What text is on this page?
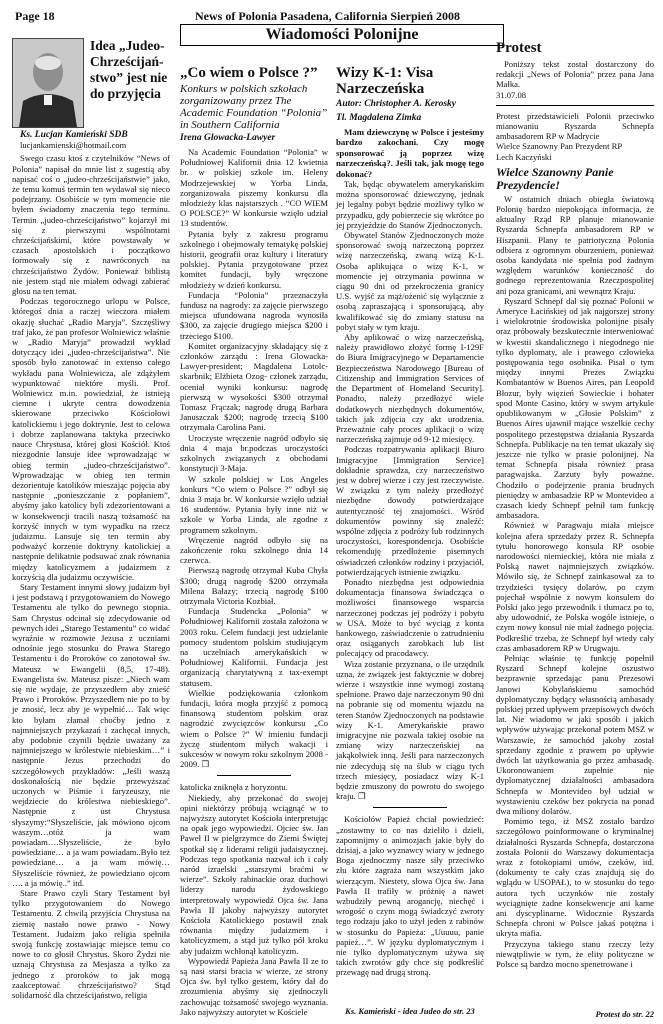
Page 18	News of Polonia Pasadena, California Sierpień 2008
Wiadomości Polonijne
Idea „Judeo-Chrześcijaństwo” jest nie do przyjęcia

Ks. Lucjan Kamieński SDB

lucjankamienski@hotmail.com

Swego czasu ktoś z czytelników “News of Polonia” napisał do mnie list z sugestią aby napisać coś o „judeo-chrześcijaństwie” jako, że temu komuś termin ten wydawał się nieco podejrzany. Osobiście w tym momencie nie byłem świadomy znaczenia tego terminu. Termin „judeo-chrześcijaństwo” kojarzył mi się z pierwszymi wspólnotami chrześcijańskimi, które powstawały w czasach apostolskich i początkowo formowały się z nawróconych na chrześcijaństwo Żydów. Ponieważ biblistą nie jestem stąd nie miałem odwagi zabierać głosu na ten temat.

Podczas tegorocznego urlopu w Polsce, któregoś dnia a raczej wieczora miałem okazję słuchać „Radio Maryja”. Szczęśliwy traf jako, że pan profesor Wolniewicz właśnie w „Radio Maryja” prowadził wykład dotyczący idei „judeo-chrześcijaństwa”. Nie sposób było zanotować in extenso całego wykładu pana Wolniewicza, ale zdążyłem wypunktować niektóre myśli. Prof. Wolniewicz m.in. powiedział, że istnieją ciemne i ukryte centra dowodzenia skierowane przeciwko Kościołowi katolickiemu i jego doktrynie. Jest to celowa i dobrze zaplanowana taktyka przeciwko nauce Chrystusa, której głosi Kościół. Ktoś niezgodnie lansuje idee wprowadzając w obieg termin „judeo-chrześcijaństwo”. Wprowadzając w obieg ten termin dezorientuje katolików mieszając pojęcia aby następnie „ponieszczanie z popłaniem”, abyśmy jako katolicy byli zdezorientowani a w konsekwencji tracili naszą tożsamość na korzyść innych w tym wypadku na rzecz judaizmu. Lansuje się ten termin aby podważyć korzenie doktryny katolickiej a następnie delikatnie podsuwać znak równania między katolicyzmem a judaizmem z korzyścią dla judaizmu oczywiście.

Stary Testament innymi słowy judaizm był i jest podstawą i przygotowaniem do Nowego Testamentu ale tylko do pewnego stopnia. Sam Chrystus odcinał się zdecydowanie od pewnych idei „Starego Testamentu” co widać wyraźnie w rozmowie Jezusa z uczniami odnośnie jego stosunku do Prawa Starego Testamentu i do Proroków co zanotował św. Mateusz w Ewangelii (8,5, 17-48). Ewangelista św. Mateusz pisze: „Niech wam się nie wydaje, że przyszedłem aby znieść Prawo i Proroków. Przyszedłem nie po to by je znosić, lecz aby je wypełnić… Tak więc kto byłam złamał choćby jedno z najmniejszych przykazań i zachęcał innych, aby podobnie czynili będzie uważany za najmniejszego w królestwie niebieskim…” i następnie Jezus przechodzi do szczegółowych przykładów: „Jeśli waszą doskonałością nie będzie przewyższać uczonych w Piśmie i faryzeuszy, nie wejdziecie do królestwa niebieskiego”. Następnie z ust Chrystusa słyszymy:“Słyszeliście, jak mówiono ojcom waszym…otóż ja wam powiadam….Słyszeliście, że było powiedziane… a ja wam powiadam..Było też powiedziane… a ja wam mówię… Słyszeliście również, że powiedziano ojcom …. a ja mówię..” itd.

Stare Prawo czyli Stary Testament był tylko przygotowaniem do Nowego Testamentu. Z chwilą przyjścia Chrystusa na ziemię nastało nowe prawo - Nowy Testament. Judaizm jako religia spełniła swoją funkcję zostawiając miejsce temu co nowe to co głosił Chrystus. Skoro Żydzi nie uznają Chrystusa za Mesjasza a tylko za jednego z proroków to jak mogą zaakceptować chrześcijaństwo? Stąd solidarność dla chrześcijaństwo, religia

„Co wiem o Polsce ?”
Konkurs w polskich szkołach zorganizowany przez The Academic Foundation “Polonia” in Southern California
Irena Glowacka-Lawyer

Na Academic Foundation “Polonia” w Południowej Kalifornii dnia 12 kwietnia br. w polskiej szkole im. Heleny Modrzejewskiej w Yorba Linda, zorganizowała piszemy konkursu dla młodzieży klas najstarszych . “CO WIEM O POLSCE?” W konkursie wzięło udział 13 studentów.

Pytania były z zakresu programu szkolnego i obejmowały tematykę polskiej historii, geografii oraz kultury i literatury polskiej. Pytania przygotowane przez komitet fundacji, były wręczone młodzieży w dzień konkursu.

Fundacja “Polonia” przeznaczyła fundusz na nagrody: za zajęcie pierwszego miejsca ufundowana nagroda wynosiła $300, za zajęcie drugiego miejsca $200 i trzeciego $100.

Komitet organizacyjny składający się z członków zarządu : Irena Glowacka-Lawyer-president; Magdalena Lotolc-skarbnik; Elżbieta Ozog- członek zarządu, oceniał wyniki konkursu: nagrodę pierwszą w wysokości $300 otrzymał Tomasz Frączak; nagrodę drugą Barbara Januszczak $200; nagrodę trzecią $100 otrzymała Carolina Pani.

Uroczyste wręczenie nagród odbyło się dnia 4 maja br.podczas uroczystości szkolnych związanych z obchodami konstytucji 3-Maja.

W szkole polskiej w Los Angeles konkurs “Co wiem o Polsce ?” odbył się dnia 3 maja br. W konkursie wzięło udział 16 studentów. Pytania były inne niż w szkole w Yorba Linda, ale zgodne z programem szkolnym.

Wręczenie nagród odbyło się na zakończenie roku szkolnego dnia 14 czerwca.

Pierwszą nagrodę otrzymał Kuba Chyła $300; drugą nagrodę $200 otrzymała Milena Bałazy; trzecią nagrodę $100 otrzymała Victoria Kozbiał.

Fundacja Studencka „Polonia” w Południowej Kalifornii została założona w 2003 roku. Celem fundacji jest udzielanie pomocy studentom polskim studiującym na uczelniach amerykańskich w Południowej Kalifornii. Fundacja jest organizacją charytatywną z tax-exempt statusem.

Wielkie podziękowania członkom fundacji, która mogła przyjść z pomocą finansową studentom polskim oraz nagrodzić zwycięzców konkursu „Co wiem o Polsce ?” W imieniu fundacji życzę studentom miłych wakacji i sukcesów w nowym roku szkolnym 2008 - 2009. ❐

katolicka zniknęła z horyzontu.

Niekiedy, aby przekonać do swojej opini niektórzy próbują wciągnąć w to najwyższy autorytet Kościoła interpretując na opak jego wypowiedzi. Ojciec św. Jan Paweł II w pielgrzymce do Ziemi Świętej spotkał się z liderami religii judaistycznej. Podczas tego spotkania nazwał ich i cały naród izraelski „starszymi braćmi w wierze”. Szkoły rabinackie oraz duchowi liderzy narodu żydowskiego interpretowały wypowiedź Ojca św. Jana Pawła II jakoby najwyższy autorytet Kościoła Katolickiego postawił znak równania między judaizmem i katolicyzmem, a stąd już tylko pół kroku aby judaizm wchłonął katolicyzm.

Wypowiedź Papieża Jana Pawła II ze to są nasi starsi bracia w wierze, ze strony Ojca św. był tylko gestem, który dał do zrozumienia abyśmy się zjednoczyli zachowując tożsamość swojego wyznania. Jako najwyższy autorytet w Kościele

Wizy K-1: Visa Narzeczeńska
Autor: Christopher A. Kerosky
Tl. Magdalena Zimka

Mam dziewczynę w Polsce i jesteśmy bardzo zakochani. Czy mogę sponsorować ją poprzez wizę narzeczeńską?. Jeśli tak, jak mogę tego dokonać?

Tak, będąc obywatelem amerykańskim można sponsorować dziewczynę, jednak jej legalny pobyt będzie możliwy tylko w przypadku, gdy pobierzecie się wkrótce po jej przyjeździe do Stanów Zjednoczonych.

Obywatel Stanów Zjednoczonych może sponsorować swoją narzeczoną poprzez wizę narzeczeńską, zwaną wizą K-1. Osoba aplikująca o wizę K-1, w momencie jej otrzymania powinna w ciągu 90 dni od przekroczenia granicy U.S. wyjść za mąż/ożenić się wyłącznie z osobą zapraszającą i sponsorującą, aby kwalifikować się do zmiany statusu na pobyt stały w tym kraju.

Aby aplikować o wizę narzeczeńską, należy prawidłowo złożyć formę I-129F do Biura Imigracyjnego w Departamencie Bezpieczeństwa Narodowego [Bureau of Citizenship and Immigration Services of the Department of Homeland Security]. Ponadto, należy przedłożyć wiele dodatkowych niezbędnych dokumentów, takich jak zdjęcia czy akt urodzenia. Przeważnie cały proces aplikacji o wizę narzeczeńską zajmuje od 9-12 miesięcy.

Podczas rozpatrywania aplikacji Biuro Imigracyjne [Immigration Service] dokładnie sprawdza, czy narzeczeństwo jest w dobrej wierze i czy jest rzeczywiste. W związku z tym należy przedłożyć niezbędne dowody potwierdzające autentyczność tej znajomości. Wśród dokumentów powinny się znaleźć: wspólne zdjęcia z podróży lub rodzinnych uroczystości, korespondencja. Osobiście rekomenduję przedłożenie pisemnych oświadczeń członków rodziny i przyjaciół, potwierdzających istnienie związku.

Ponadto niezbędna jest odpowiednia dokumentacja finansowa świadcząca o możliwości finansowego wsparcia narzeczonej podczas jej podróży i pobytu w USA. Może to być wyciąg z konta bankowego, zaświadczenie o zatrudnieniu oraz osiąganych zarobkach lub list polecający od pracodawcy.

Wiza zostanie przyznana, o ile urzędnik uzna, że związek jest faktycznie w dobrej wierze i wszystkie inne wymogi zostaną spełnione. Prawo daje narzeczonym 90 dni na pobranie się od momentu wjazdu na teren Stanów Zjednoczonych na podstawie wizy K-1. Amerykańskie prawo imigracyjne nie pozwala takiej osobie na zmianę wizy narzeczeńskiej na jakąkolwiek inną. Jeśli para narzeczonych nie zdecydują się na ślub w ciągu tych trzech miesięcy, posiadacz wizy K-1 będzie zmuszony do powrotu do swojego kraju. ❐

Kościołów Papież chciał powiedzieć: „zostawmy to co nas dzieliło i dzieli, zapomnijmy o animozjach jakie były do dzisiaj, a jako wyznawcy wiary w jednego Boga zjednoczmy nasze siły przeciwko złu które zagraża nam wszystkim jako wierzącym. Niestety, słowa Ojca św. Jana Pawła II trafiły w próżnię a nawet wzbudziły pewną arogancję, niechęć i wrogość o czym mogą świadczyć zwroty tego rodzaju jako to użył jeden z rabinów w stosunku do Papieża: „Uuuuu, panie papież…”. W języku dyplomatycznym i nie tylko dyplomatycznym używa się takich zwrotów gdy chce się podkreślić przewagę nad drugą stroną.

Ks. Kamieński - idea Judeo do str. 23
Protest

Poniższy tekst został dostarczony do redakcji „News of Polonia” przez pana Jana Małka.

31.07.08

Protest przedstawicieli Polonii przeciwko mianowaniu Ryszarda Schnepfa ambasadorem RP w Madrycie

Wielce Szanowny Pan Prezydent RP

Lech Kaczyński

Wielce Szanowny Panie Prezydencie!

W ostatnich dniach obiegła światową Polonię bardzo niepokojąca informacja, że aktualny Rząd RP planuje mianowanie Ryszarda Schnepfa ambasadorem RP w Hiszpanii. Plany te patriotyczna Polonia odbiera z ogromnym oburzeniem, ponieważ osoba kandydata nie spełnia pod żadnym względem warunków konieczność do godnego reprezentowania Rzeczpospolitej ani poza granicami, ani wewnątrz Kraju.

Ryszard Schnepf dał się poznać Polonii w Ameryce Łacińskiej od jak najgorszej strony i wielokrotnie środowiska polonijne pisały oraz próbowały bezskutecznie interweniować w kwestii skandalicznego i niegodnego nie tylko dyplomaty, ale i prawego człowieka postępowania tego osobnika. Pisał o tym między innymi Prezes Związku Kombatantów w Buenos Aires, pan Leopold Błozur, były więzień Sowieckie i bohater spod Monte Casino, który w swym artykule opublikowanym w „Głosie Polskim” z Buenos Aires ujawnił mające wszelkie cechy pospolitego przestępstwa działania Ryszarda Schnepfa. Publikacje na ten temat ukazały się jeszcze nie tylko w prasie polonijnej. Na temat Schnepfa pisała również prasa paragwajska. Zarzuty były poważne. Chodziło o podejrzenie prania brudnych pieniędzy w ambasadzie RP w Montevideo a czasach kiedy Schnepf pełnił tam funkcję ambasadora.

Również w Paragwaju miała miejsce kolejna afera sprzedaży przez R. Schnepfa tytułu honorowego konsula RP osobie narodowości niemieckiej, która nie miała z Polską nawet najmniejszych związków. Mówiło się, że Schnepf zainkasował za to trzydzieści tysięcy dolarów, po czym pojechał wspólnie z nowym konsulem do Polski jako jego przewodnik i tłumacz po to, aby udowodnić, że Polska wogóle istnieje, o czym nowy konsul nie miał żadnego pojęcia. Podkreślić trzeba, że Schnepf był wtedy cały czas ambasadorem RP w Urugwaju.

Pełniąc właśnie tę funkcję popełnił Ryszard Schnepf kolejne oszustwo bezprawnie sprzedając panu Prezesowi Janowi Kobylańskiemu samochód dyplomatyczny będący własnością ambasady polskiej przed upływem przepisowych dwóch lat. Nie wiadomo w jaki sposób i jakich wpływów używając przekonał potem MSZ w Warszawie, że samochód jakoby został sprzedany zgodnie z prawem po upływie dwóch lat użytkowania go przez ambasadę. Ukoronowaniem zupełnie nie dyplomatycznej działalności ambasadora Schnepfa w Montevideo był udział w wystawieniu czeków bez pokrycia na ponad dwa miliony dolarów.

Pomimo tego, iż MSZ zostało bardzo szczegółowo poinformowane o kryminalnej działalności Ryszarda Schnepfa, dostarczona została Polonii do Warszawy dokumentacja wraz z fotokopiami umów, czeków, itd. (dokumenty te cały czas znajdują się do wglądu w USOPAŁ), to w stosunku do tego autora tych uczynków nie zostały wyciągnięte żadne konsekwencje ani karne ani dyscyplinarne. Widocznie Ryszarda Schnepfa chroni w Polsce jakaś potężna i ukryta mafia.

Przyczyna takiego stanu rzeczy leży niewątpliwie w tym, że elity polityczne w Polsce są bardzo mocno spenetrowane i

Protest do str. 22
